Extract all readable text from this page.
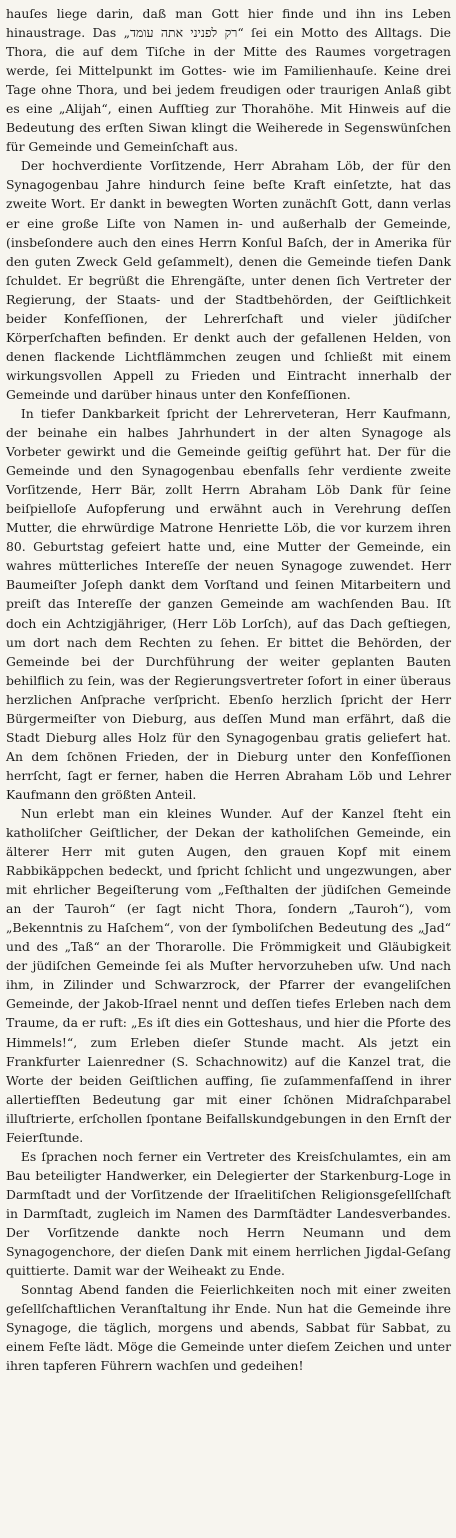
hauſes liege darin, daß man Gott hier finde und ihn ins Leben hinaustrage. Das „רק לפניני אתה עומד“ ſei ein Motto des Alltags. Die Thora, die auf dem Tiſche in der Mitte des Raumes vorgetragen werde, ſei Mittelpunkt im Gottes- wie im Familienhauſe. Keine drei Tage ohne Thora, und bei jedem freudigen oder traurigen Anlaß gibt es eine „Alijah“, einen Aufſtieg zur Thorahöhe. Mit Hinweis auf die Bedeutung des erſten Siwan klingt die Weiherede in Segenswünſchen für Gemeinde und Gemeinſchaft aus.

Der hochverdiente Vorſitzende, Herr Abraham Löb, der für den Synagogenbau Jahre hindurch ſeine beſte Kraft einſetzte, hat das zweite Wort. Er dankt in bewegten Worten zunächſt Gott, dann verlas er eine große Liſte von Namen in- und außerhalb der Gemeinde, (insbeſondere auch den eines Herrn Konſul Baſch, der in Amerika für den guten Zweck Geld geſammelt), denen die Gemeinde tiefen Dank ſchuldet. Er begrüßt die Ehrengäſte, unter denen ſich Vertreter der Regierung, der Staats- und der Stadtbehörden, der Geiſtlichkeit beider Konfeſſionen, der Lehrerſchaft und vieler jüdiſcher Körperſchaften befinden. Er denkt auch der gefallenen Helden, von denen flackende Lichtflämmchen zeugen und ſchließt mit einem wirkungsvollen Appell zu Frieden und Eintracht innerhalb der Gemeinde und darüber hinaus unter den Konfeſſionen.

In tiefer Dankbarkeit ſpricht der Lehrerveteran, Herr Kaufmann, der beinahe ein halbes Jahrhundert in der alten Synagoge als Vorbeter gewirkt und die Gemeinde geiſtig geführt hat. Der für die Gemeinde und den Synagogenbau ebenfalls ſehr verdiente zweite Vorſitzende, Herr Bär, zollt Herrn Abraham Löb Dank für ſeine beiſpielloſe Aufopferung und erwähnt auch in Verehrung deſſen Mutter, die ehrwürdige Matrone Henriette Löb, die vor kurzem ihren 80. Geburtstag gefeiert hatte und, eine Mutter der Gemeinde, ein wahres mütterliches Intereſſe der neuen Synagoge zuwendet. Herr Baumeiſter Joſeph dankt dem Vorſtand und ſeinen Mitarbeitern und preiſt das Intereſſe der ganzen Gemeinde am wachſenden Bau. Iſt doch ein Achtzigjähriger, (Herr Löb Lorſch), auf das Dach geſtiegen, um dort nach dem Rechten zu ſehen. Er bittet die Behörden, der Gemeinde bei der Durchführung der weiter geplanten Bauten behilflich zu ſein, was der Regierungsvertreter ſofort in einer überaus herzlichen Anſprache verſpricht. Ebenſo herzlich ſpricht der Herr Bürgermeiſter von Dieburg, aus deſſen Mund man erfährt, daß die Stadt Dieburg alles Holz für den Synagogenbau gratis geliefert hat. An dem ſchönen Frieden, der in Dieburg unter den Konfeſſionen herrſcht, ſagt er ferner, haben die Herren Abraham Löb und Lehrer Kaufmann den größten Anteil.

Nun erlebt man ein kleines Wunder. Auf der Kanzel ſteht ein katholiſcher Geiſtlicher, der Dekan der katholiſchen Gemeinde, ein älterer Herr mit guten Augen, den grauen Kopf mit einem Rabbikäppchen bedeckt, und ſpricht ſchlicht und ungezwungen, aber mit ehrlicher Begeiſterung vom „Feſthalten der jüdiſchen Gemeinde an der Tauroh“ (er ſagt nicht Thora, ſondern „Tauroh“), vom „Bekenntnis zu Haſchem“, von der ſymboliſchen Bedeutung des „Jad“ und des „Taß“ an der Thorarolle. Die Frömmigkeit und Gläubigkeit der jüdiſchen Gemeinde ſei als Muſter hervorzuheben uſw. Und nach ihm, in Zilinder und Schwarzrock, der Pfarrer der evangeliſchen Gemeinde, der Jakob-Iſrael nennt und deſſen tiefes Erleben nach dem Traume, da er ruft: „Es iſt dies ein Gotteshaus, und hier die Pforte des Himmels!“, zum Erleben dieſer Stunde macht. Als jetzt ein Frankfurter Laienredner (S. Schachnowitz) auf die Kanzel trat, die Worte der beiden Geiſtlichen auffing, ſie zuſammenfaſſend in ihrer allertiefſten Bedeutung gar mit einer ſchönen Midraſchparabel illuſtrierte, erſchollen ſpontane Beifallskundgebungen in den Ernſt der Feierſtunde.

Es ſprachen noch ferner ein Vertreter des Kreisſchulamtes, ein am Bau beteiligter Handwerker, ein Delegierter der Starkenburg-Loge in Darmſtadt und der Vorſitzende der Iſraelitiſchen Religionsgeſellſchaft in Darmſtadt, zugleich im Namen des Darmſtädter Landesverbandes. Der Vorſitzende dankte noch Herrn Neumann und dem Synagogenchore, der dieſen Dank mit einem herrlichen Jigdal-Geſang quittierte. Damit war der Weiheakt zu Ende.

Sonntag Abend fanden die Feierlichkeiten noch mit einer zweiten geſellſchaftlichen Veranſtaltung ihr Ende. Nun hat die Gemeinde ihre Synagoge, die täglich, morgens und abends, Sabbat für Sabbat, zu einem Feſte lädt. Möge die Gemeinde unter dieſem Zeichen und unter ihren tapferen Führern wachſen und gedeihen!
